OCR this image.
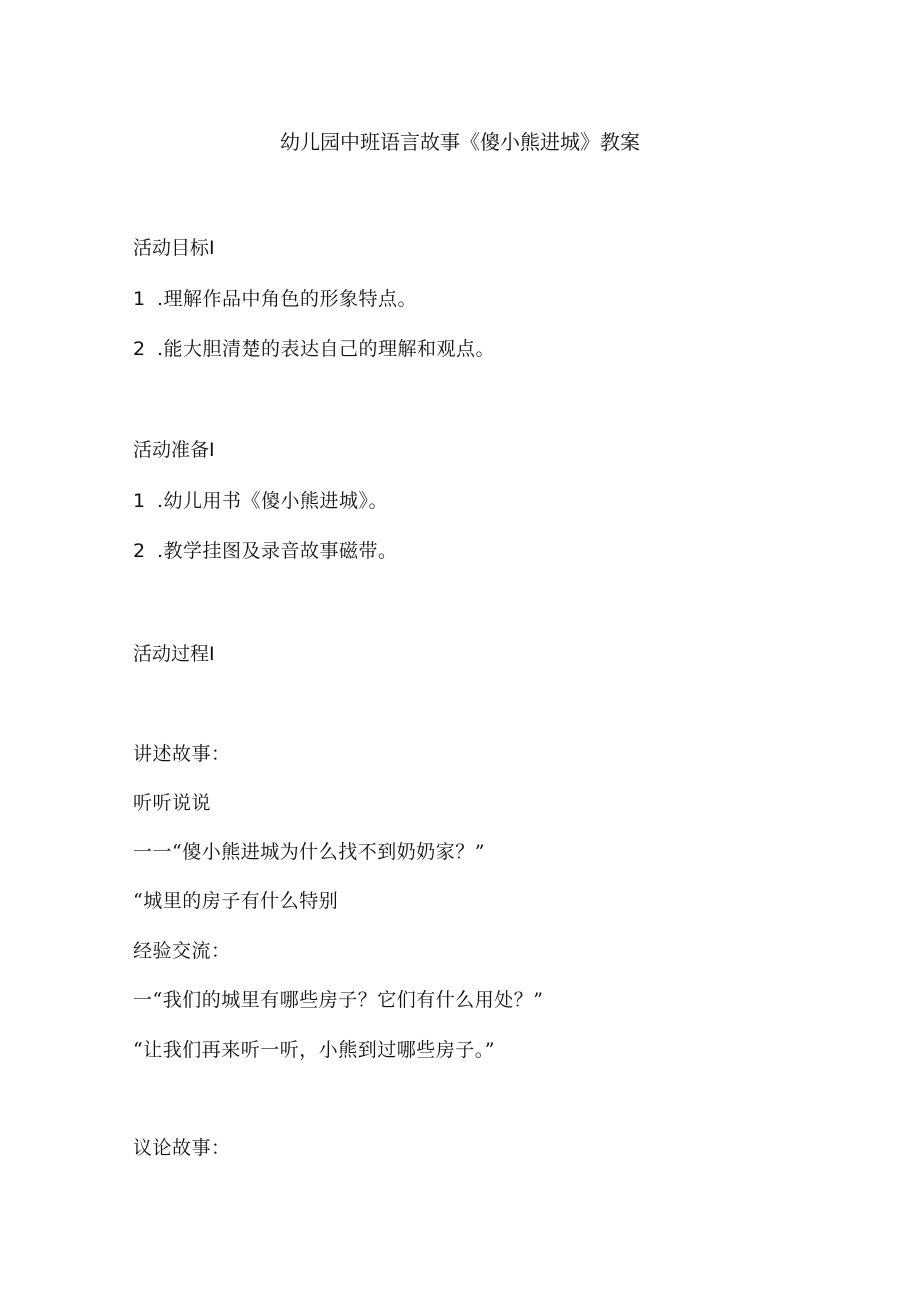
幼儿园中班语言故事《傻小熊进城》教案
活动目标I
1 .理解作品中角色的形象特点。
2 .能大胆清楚的表达自己的理解和观点。
活动准备I
1 .幼儿用书《傻小熊进城》。
2 .教学挂图及录音故事磁带。
活动过程I
讲述故事：
听听说说
一一“傻小熊进城为什么找不到奶奶家？”
“城里的房子有什么特别
经验交流：
一“我们的城里有哪些房子？它们有什么用处？”
“让我们再来听一听，小熊到过哪些房子。”
议论故事：
